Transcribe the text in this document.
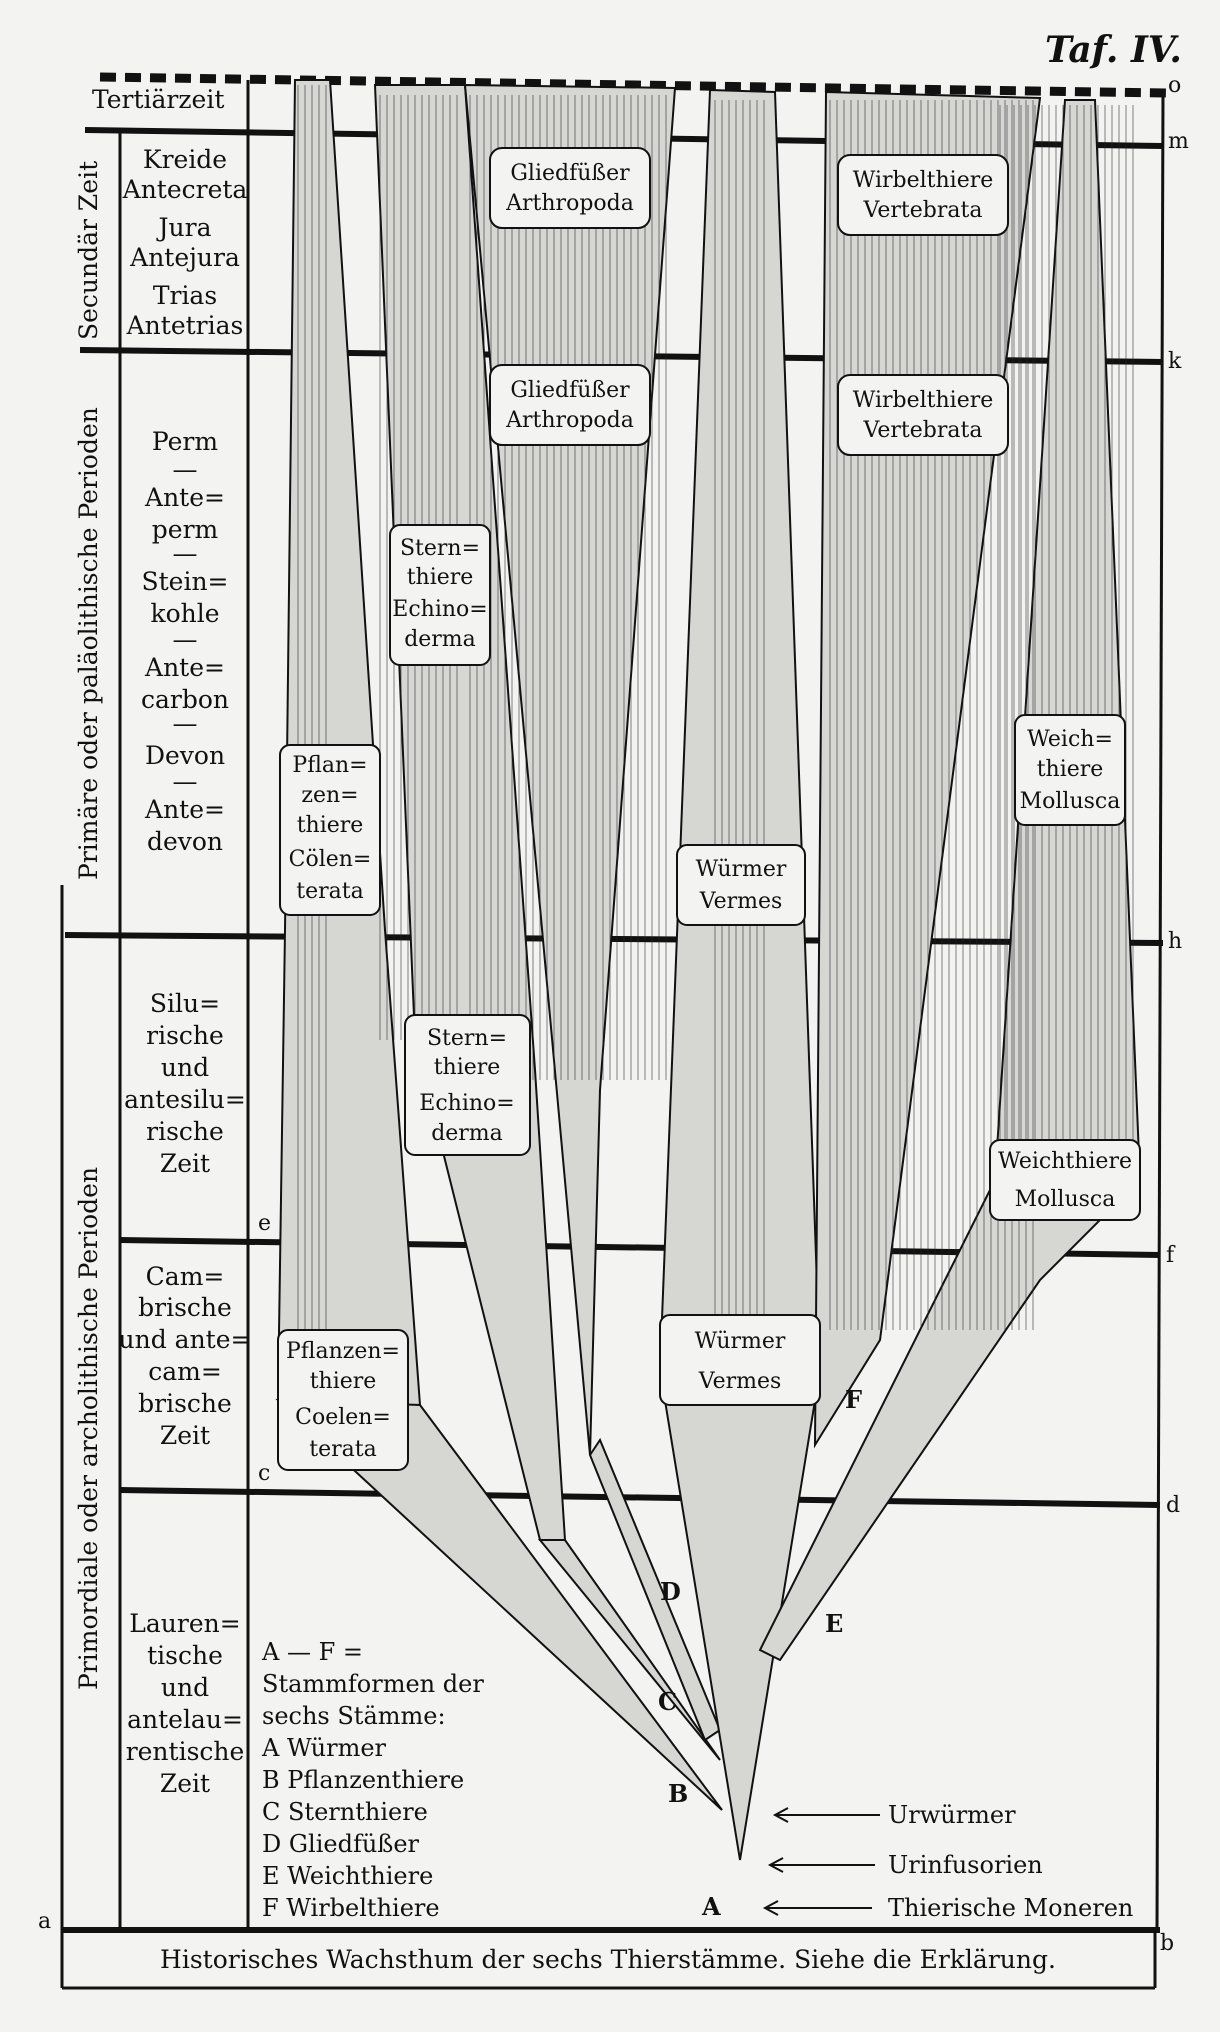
Taf. IV.
Tertiärzeit
Secundär Zeit
Primäre oder paläolithische Perioden
Primordiale oder archolithische Perioden
Kreide
Antecreta
Jura
Antejura
Trias
Antetrias
Perm
—
Ante=
perm
—
Stein=
kohle
—
Ante=
carbon
—
Devon
—
Ante=
devon
Silu=
rische
und
antesilu=
rische
Zeit
Cam=
brische
und ante=
cam=
brische
Zeit
Lauren=
tische
und
antelau=
rentische
Zeit
o
m
k
h
f
d
b
e
c
a
A
B
C
D
E
F
Gliedfüßer
Arthropoda
Gliedfüßer
Arthropoda
Wirbelthiere
Vertebrata
Wirbelthiere
Vertebrata
Stern=
thiere
Echino=
derma
Stern=
thiere
Echino=
derma
Pflan=
zen=
thiere
Cölen=
terata
Pflanzen=
thiere
Coelen=
terata
Würmer
Vermes
Würmer
Vermes
Weich=
thiere
Mollusca
Weichthiere
Mollusca
A — F =
Stammformen der
sechs Stämme:
A Würmer
B Pflanzenthiere
C Sternthiere
D Gliedfüßer
E Weichthiere
F Wirbelthiere
Urwürmer
Urinfusorien
Thierische Moneren
Historisches Wachsthum der sechs Thierstämme. Siehe die Erklärung.
